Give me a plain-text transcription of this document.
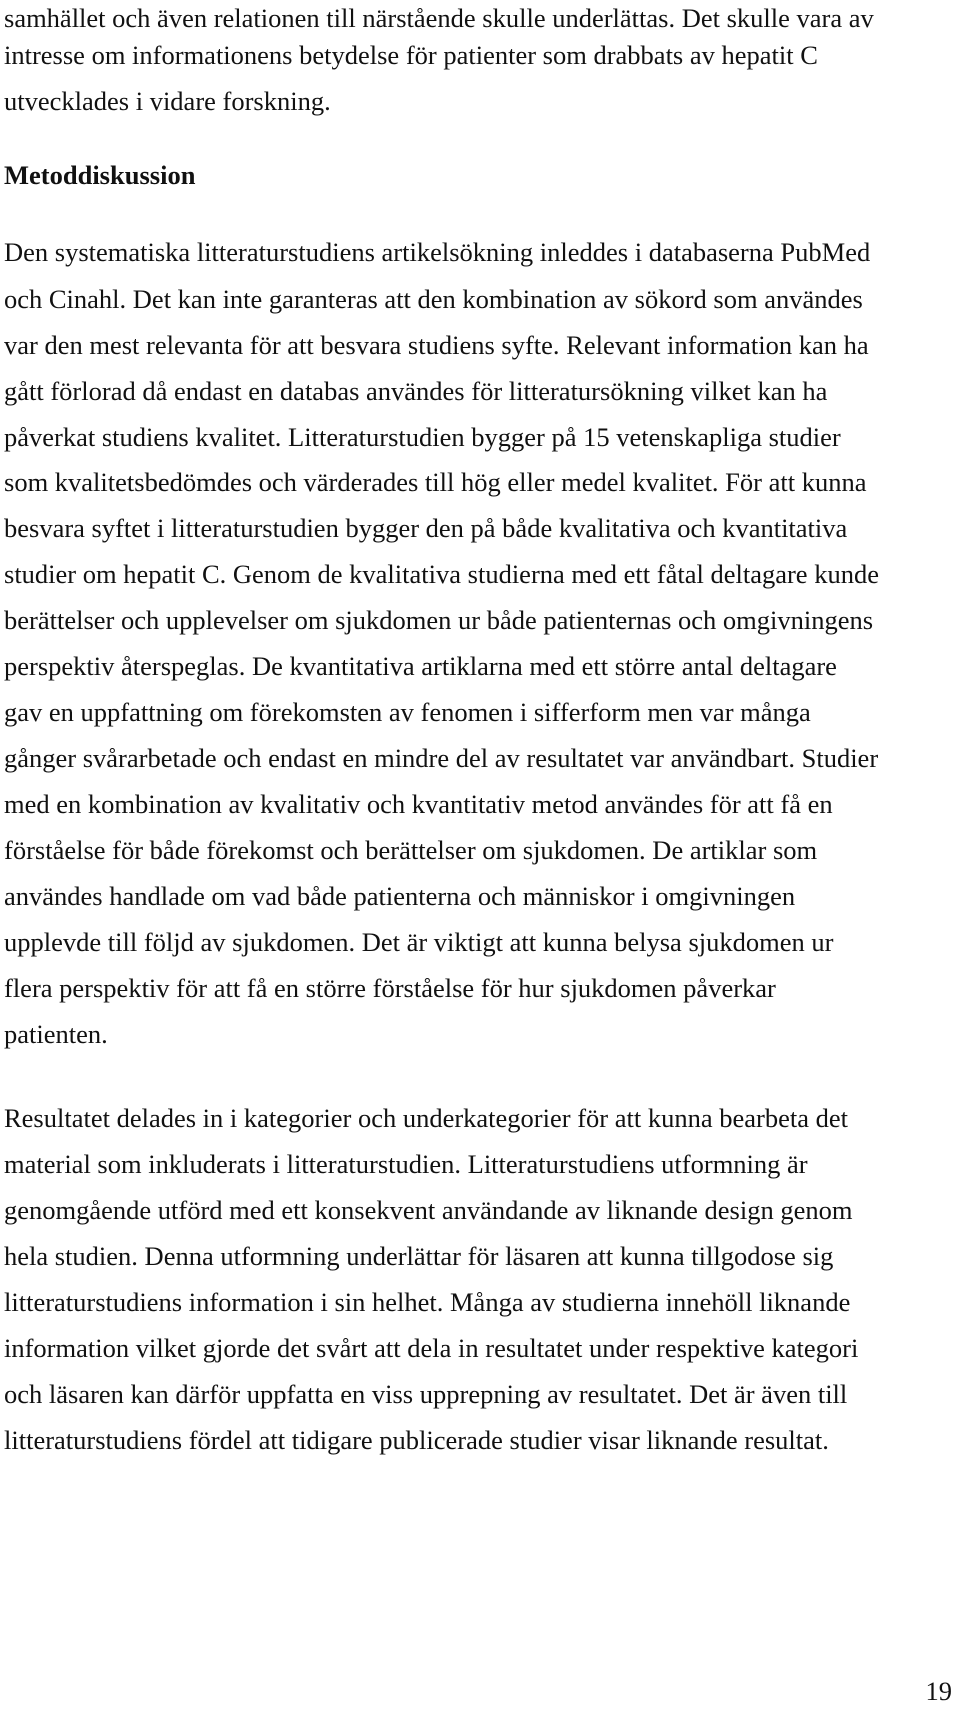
samhället och även relationen till närstående skulle underlättas. Det skulle vara av
intresse om informationens betydelse för patienter som drabbats av hepatit C
utvecklades i vidare forskning.
Metoddiskussion
Den systematiska litteraturstudiens artikelsökning inleddes i databaserna PubMed
och Cinahl. Det kan inte garanteras att den kombination av sökord som användes
var den mest relevanta för att besvara studiens syfte. Relevant information kan ha
gått förlorad då endast en databas användes för litteratursökning vilket kan ha
påverkat studiens kvalitet. Litteraturstudien bygger på 15 vetenskapliga studier
som kvalitetsbedömdes och värderades till hög eller medel kvalitet. För att kunna
besvara syftet i litteraturstudien bygger den på både kvalitativa och kvantitativa
studier om hepatit C. Genom de kvalitativa studierna med ett fåtal deltagare kunde
berättelser och upplevelser om sjukdomen ur både patienternas och omgivningens
perspektiv återspeglas. De kvantitativa artiklarna med ett större antal deltagare
gav en uppfattning om förekomsten av fenomen i sifferform men var många
gånger svårarbetade och endast en mindre del av resultatet var användbart. Studier
med en kombination av kvalitativ och kvantitativ metod användes för att få en
förståelse för både förekomst och berättelser om sjukdomen. De artiklar som
användes handlade om vad både patienterna och människor i omgivningen
upplevde till följd av sjukdomen. Det är viktigt att kunna belysa sjukdomen ur
flera perspektiv för att få en större förståelse för hur sjukdomen påverkar
patienten.
Resultatet delades in i kategorier och underkategorier för att kunna bearbeta det
material som inkluderats i litteraturstudien. Litteraturstudiens utformning är
genomgående utförd med ett konsekvent användande av liknande design genom
hela studien. Denna utformning underlättar för läsaren att kunna tillgodose sig
litteraturstudiens information i sin helhet. Många av studierna innehöll liknande
information vilket gjorde det svårt att dela in resultatet under respektive kategori
och läsaren kan därför uppfatta en viss upprepning av resultatet. Det är även till
litteraturstudiens fördel att tidigare publicerade studier visar liknande resultat.
19
